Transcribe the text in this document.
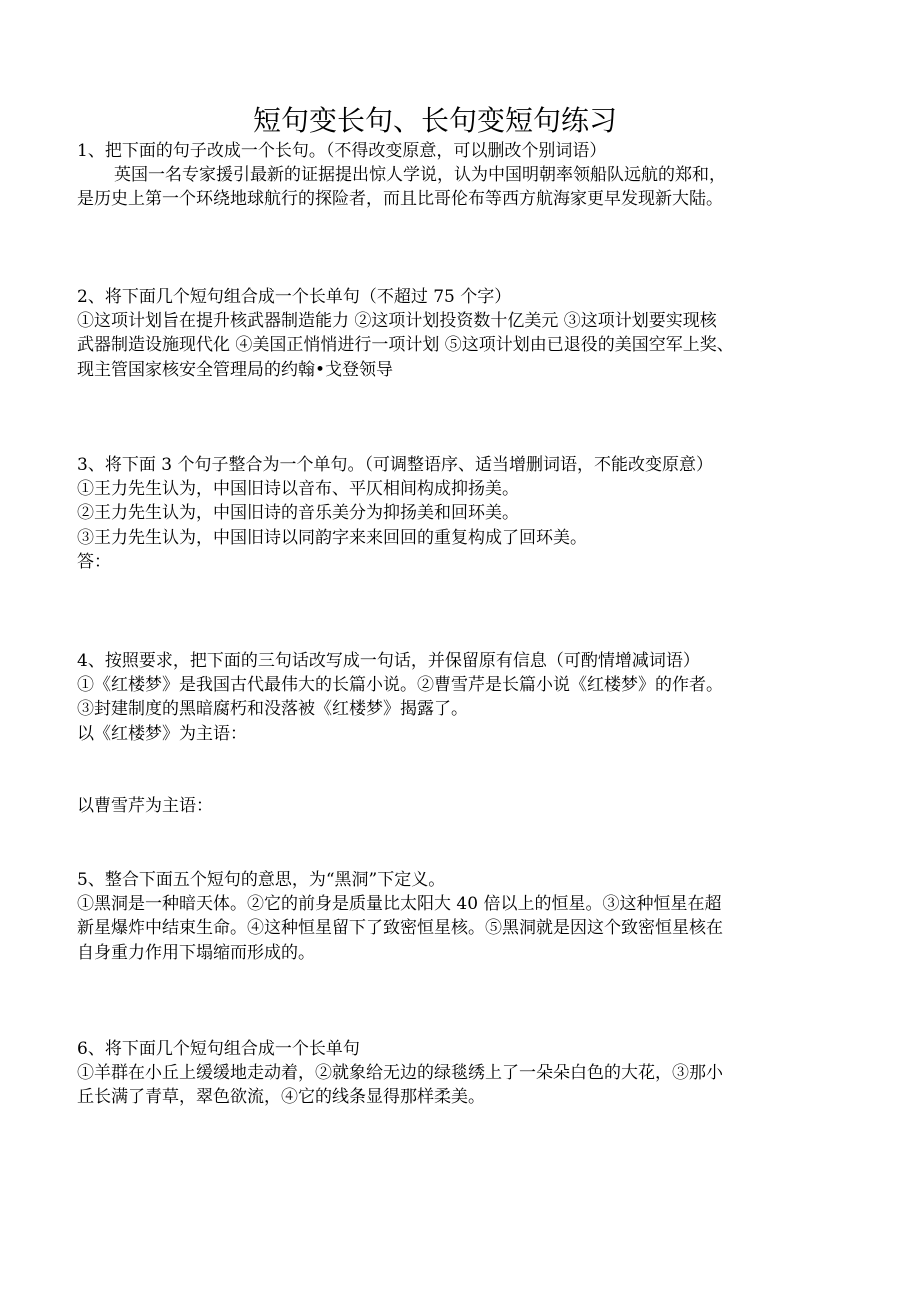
短句变长句、长句变短句练习
1、把下面的句子改成一个长句。（不得改变原意，可以删改个别词语）
英国一名专家援引最新的证据提出惊人学说，认为中国明朝率领船队远航的郑和，
是历史上第一个环绕地球航行的探险者，而且比哥伦布等西方航海家更早发现新大陆。
2、将下面几个短句组合成一个长单句（不超过 75 个字）
①这项计划旨在提升核武器制造能力 ②这项计划投资数十亿美元 ③这项计划要实现核
武器制造设施现代化 ④美国正悄悄进行一项计划 ⑤这项计划由已退役的美国空军上奖、
现主管国家核安全管理局的约翰•戈登领导
3、将下面 3 个句子整合为一个单句。（可调整语序、适当增删词语，不能改变原意）
①王力先生认为，中国旧诗以音布、平仄相间构成抑扬美。
②王力先生认为，中国旧诗的音乐美分为抑扬美和回环美。
③王力先生认为，中国旧诗以同韵字来来回回的重复构成了回环美。
答：
4、按照要求，把下面的三句话改写成一句话，并保留原有信息（可酌情增减词语）
①《红楼梦》是我国古代最伟大的长篇小说。②曹雪芹是长篇小说《红楼梦》的作者。
③封建制度的黑暗腐朽和没落被《红楼梦》揭露了。
以《红楼梦》为主语：
以曹雪芹为主语：
5、整合下面五个短句的意思，为“黑洞”下定义。
①黑洞是一种暗天体。②它的前身是质量比太阳大 40 倍以上的恒星。③这种恒星在超
新星爆炸中结束生命。④这种恒星留下了致密恒星核。⑤黑洞就是因这个致密恒星核在
自身重力作用下塌缩而形成的。
6、将下面几个短句组合成一个长单句
①羊群在小丘上缓缓地走动着，②就象给无边的绿毯绣上了一朵朵白色的大花，③那小
丘长满了青草，翠色欲流，④它的线条显得那样柔美。
